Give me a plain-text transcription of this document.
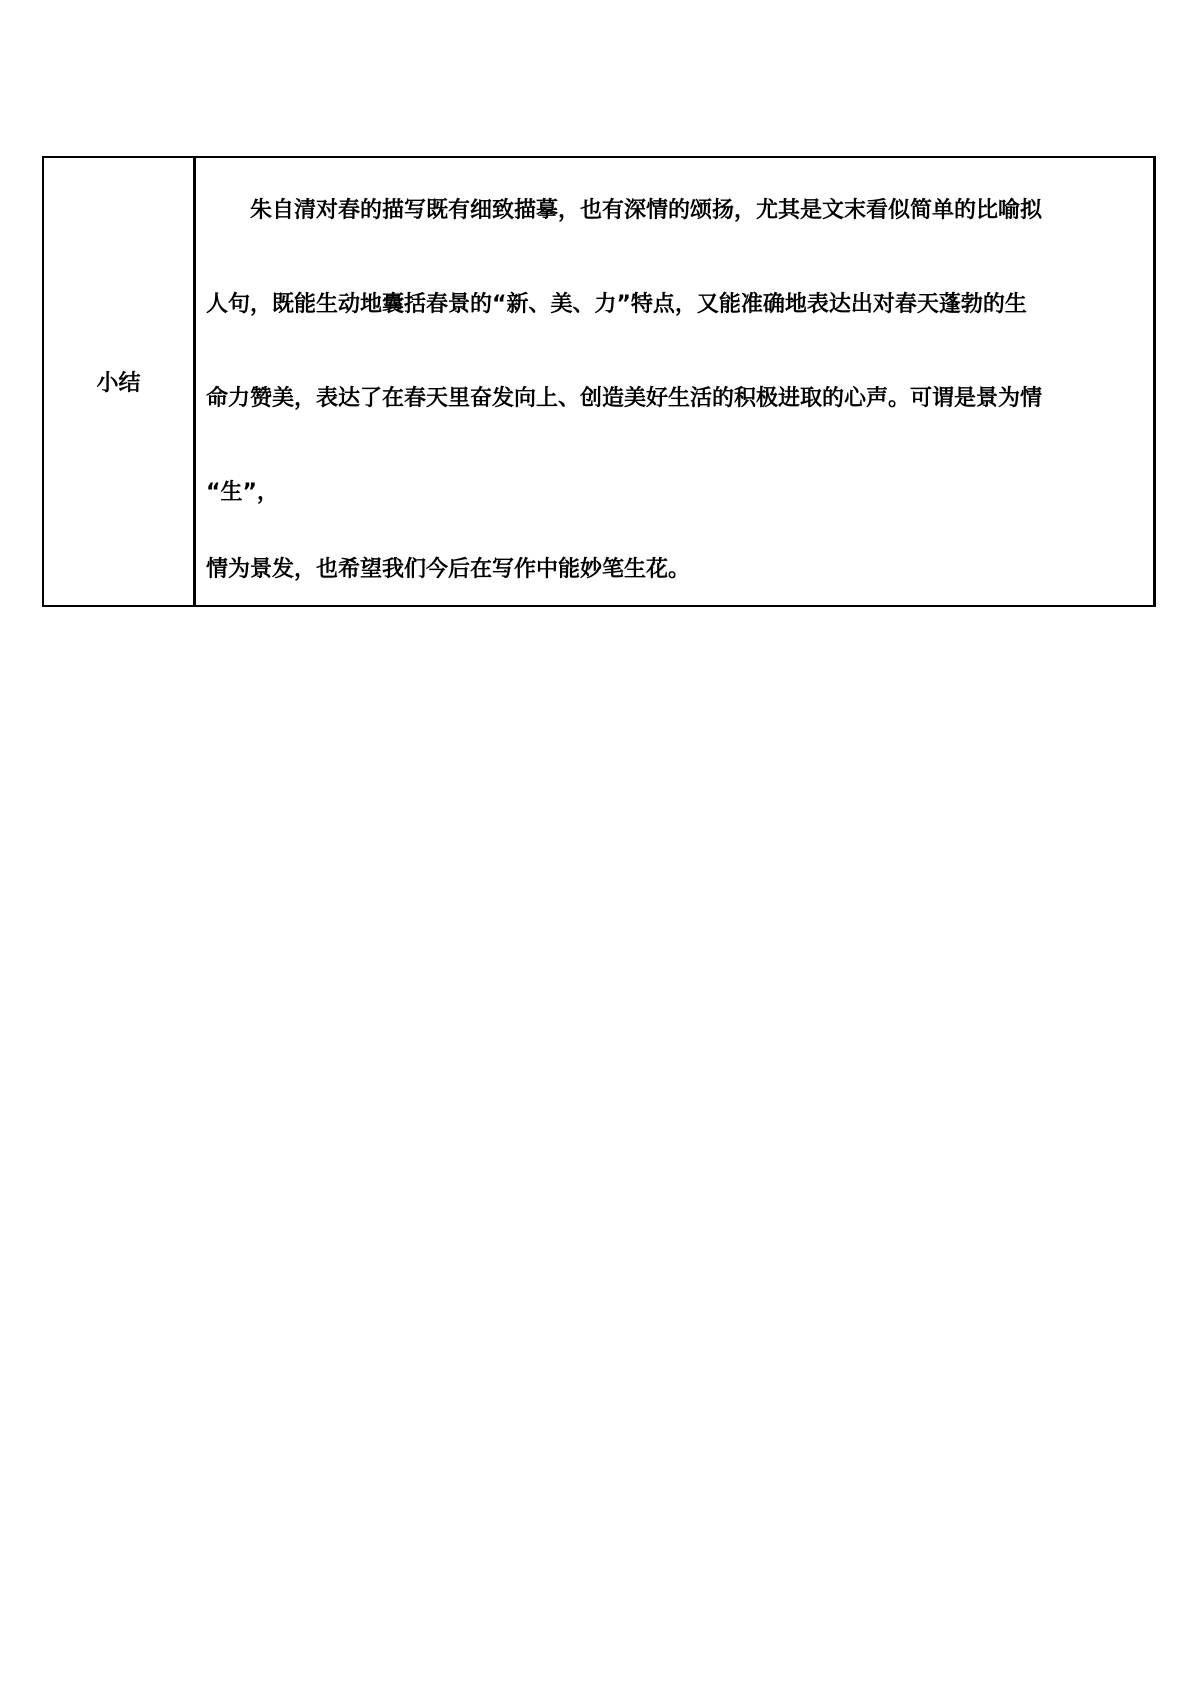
小结	
朱自清对春的描写既有细致描摹，也有深情的颂扬，尤其是文末看似简单的比喻拟
人句，既能生动地囊括春景的“新、美、力”特点，又能准确地表达出对春天蓬勃的生
命力赞美，表达了在春天里奋发向上、创造美好生活的积极进取的心声。可谓是景为情
“生”，
情为景发，也希望我们今后在写作中能妙笔生花。
